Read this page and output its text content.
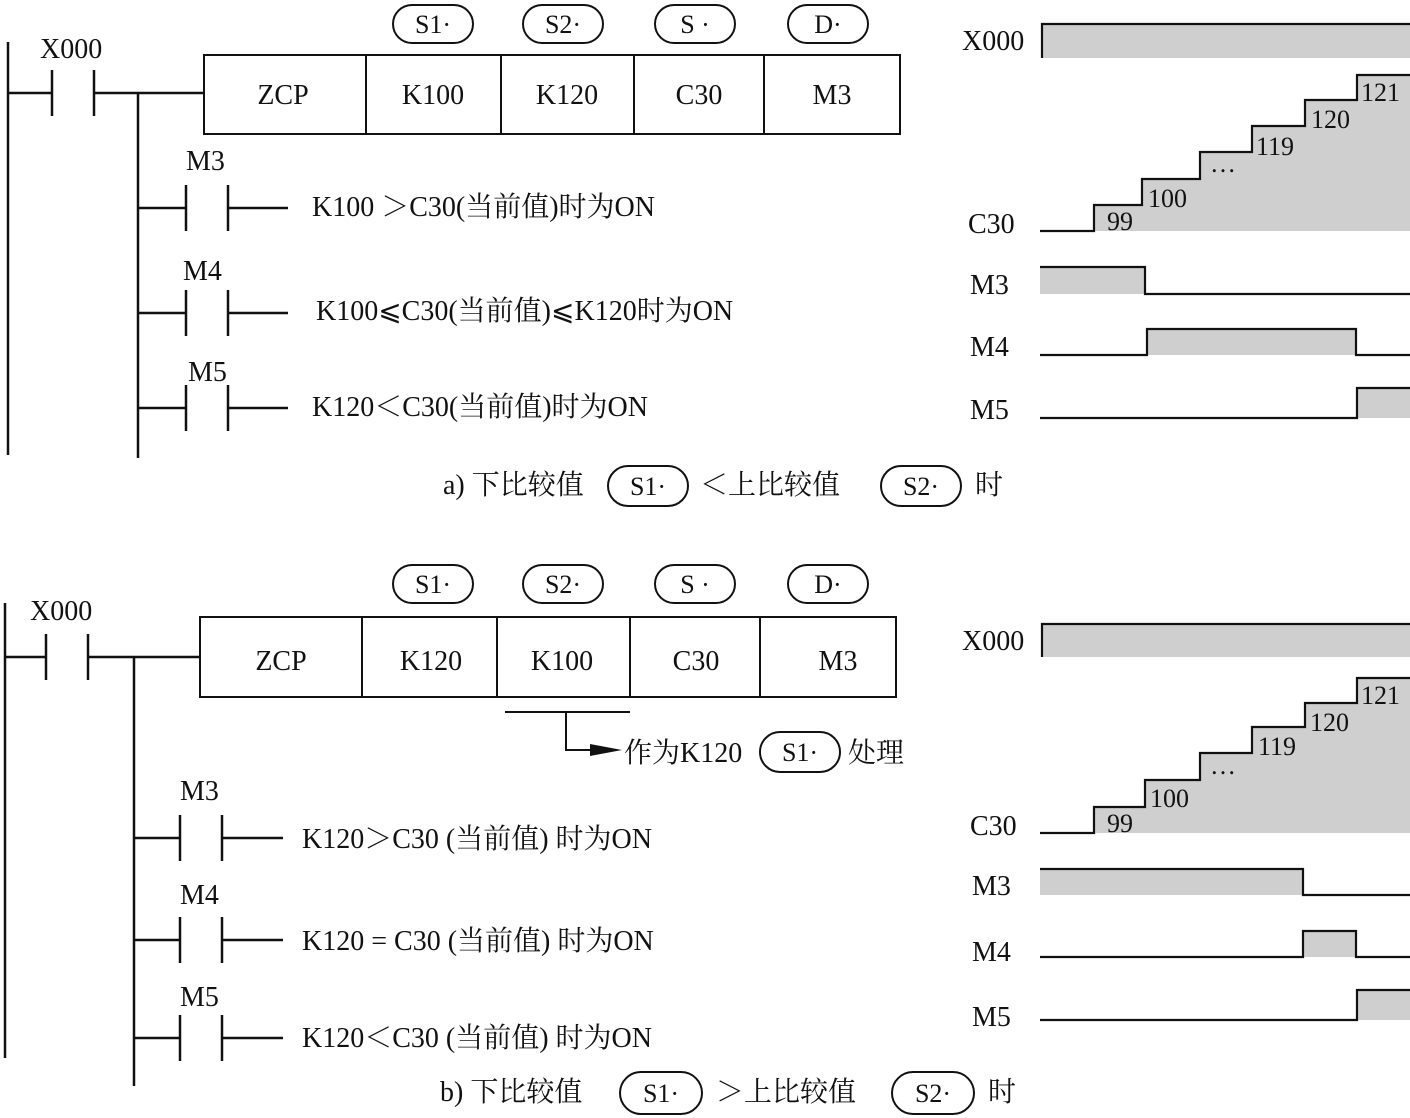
X000
ZCP	K100	K120	C30	M3
S1·	S2·	S ·	D·
M3
K100 ＞C30(当前值)时为ON
M4
K100⩽C30(当前值)⩽K120时为ON
M5
K120＜C30(当前值)时为ON
a) 下比较值 S1· ＜上比较值 S2· 时
X000
C30	99
100
…
119
120
121
M3
M4
M5
X000
ZCP	K120 K100	C30	M3
S1·	S2·	S ·	D·
作为K120 S1· 处理
M3
K120＞C30 (当前值) 时为ON
M4
K120 = C30 (当前值) 时为ON
M5
K120＜C30 (当前值) 时为ON
b) 下比较值 S1· ＞上比较值 S2· 时
X000
C30	99
100
…
119
120
121
M3
M4
M5
